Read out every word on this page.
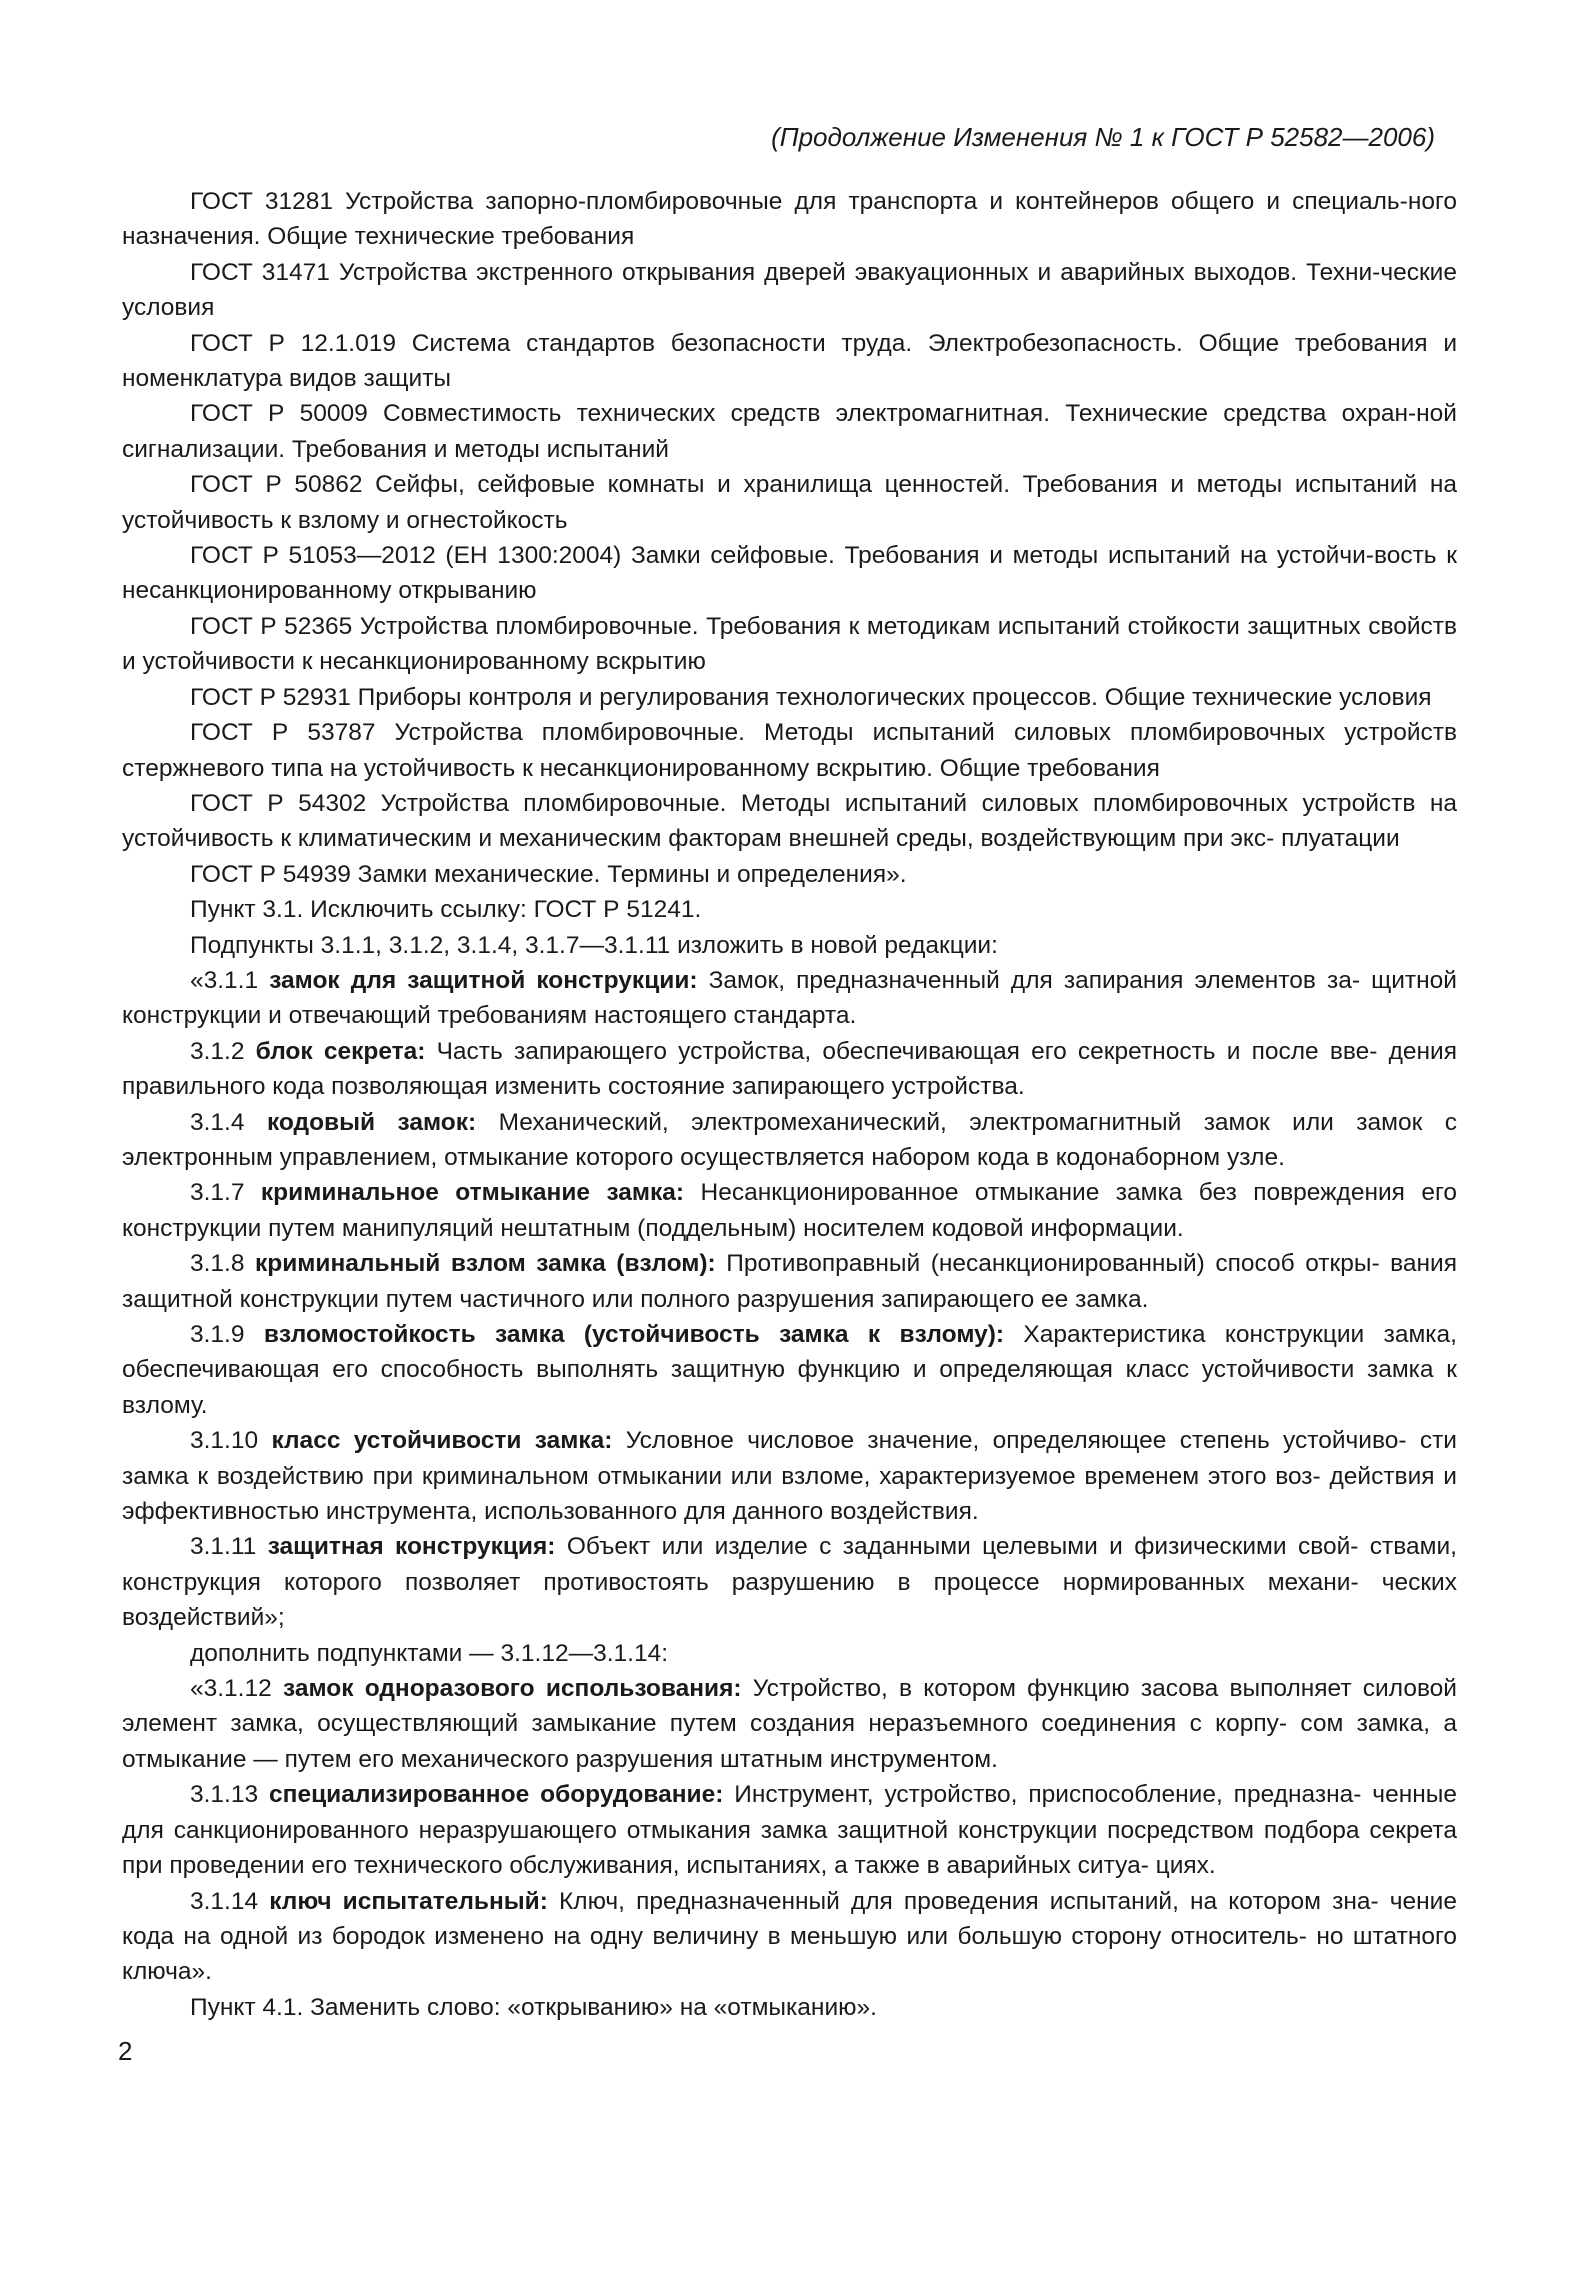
(Продолжение Изменения № 1 к ГОСТ Р 52582—2006)

ГОСТ 31281 Устройства запорно-пломбировочные для транспорта и контейнеров общего и специаль-ного назначения. Общие технические требования

ГОСТ 31471 Устройства экстренного открывания дверей эвакуационных и аварийных выходов. Техни-ческие условия

ГОСТ Р 12.1.019 Система стандартов безопасности труда. Электробезопасность. Общие требования и номенклатура видов защиты

ГОСТ Р 50009 Совместимость технических средств электромагнитная. Технические средства охран-ной сигнализации. Требования и методы испытаний

ГОСТ Р 50862 Сейфы, сейфовые комнаты и хранилища ценностей. Требования и методы испытаний на устойчивость к взлому и огнестойкость

ГОСТ Р 51053—2012 (ЕН 1300:2004) Замки сейфовые. Требования и методы испытаний на устойчи-вость к несанкционированному открыванию

ГОСТ Р 52365 Устройства пломбировочные. Требования к методикам испытаний стойкости защитных свойств и устойчивости к несанкционированному вскрытию

ГОСТ Р 52931 Приборы контроля и регулирования технологических процессов. Общие технические условия

ГОСТ Р 53787 Устройства пломбировочные. Методы испытаний силовых пломбировочных устройств стержневого типа на устойчивость к несанкционированному вскрытию. Общие требования

ГОСТ Р 54302 Устройства пломбировочные. Методы испытаний силовых пломбировочных устройств на устойчивость к климатическим и механическим факторам внешней среды, воздействующим при экс- плуатации

ГОСТ Р 54939 Замки механические. Термины и определения».

Пункт 3.1. Исключить ссылку: ГОСТ Р 51241.

Подпункты 3.1.1, 3.1.2, 3.1.4, 3.1.7—3.1.11 изложить в новой редакции:

«3.1.1 замок для защитной конструкции: Замок, предназначенный для запирания элементов за- щитной конструкции и отвечающий требованиям настоящего стандарта.

3.1.2 блок секрета: Часть запирающего устройства, обеспечивающая его секретность и после вве- дения правильного кода позволяющая изменить состояние запирающего устройства.

3.1.4 кодовый замок: Механический, электромеханический, электромагнитный замок или замок с электронным управлением, отмыкание которого осуществляется набором кода в кодонаборном узле.

3.1.7 криминальное отмыкание замка: Несанкционированное отмыкание замка без повреждения его конструкции путем манипуляций нештатным (поддельным) носителем кодовой информации.

3.1.8 криминальный взлом замка (взлом): Противоправный (несанкционированный) способ откры- вания защитной конструкции путем частичного или полного разрушения запирающего ее замка.

3.1.9 взломостойкость замка (устойчивость замка к взлому): Характеристика конструкции замка, обеспечивающая его способность выполнять защитную функцию и определяющая класс устойчивости замка к взлому.

3.1.10 класс устойчивости замка: Условное числовое значение, определяющее степень устойчиво- сти замка к воздействию при криминальном отмыкании или взломе, характеризуемое временем этого воз- действия и эффективностью инструмента, использованного для данного воздействия.

3.1.11 защитная конструкция: Объект или изделие с заданными целевыми и физическими свой- ствами, конструкция которого позволяет противостоять разрушению в процессе нормированных механи- ческих воздействий»;

дополнить подпунктами — 3.1.12—3.1.14:

«3.1.12 замок одноразового использования: Устройство, в котором функцию засова выполняет силовой элемент замка, осуществляющий замыкание путем создания неразъемного соединения с корпу- сом замка, а отмыкание — путем его механического разрушения штатным инструментом.

3.1.13 специализированное оборудование: Инструмент, устройство, приспособление, предназна- ченные для санкционированного неразрушающего отмыкания замка защитной конструкции посредством подбора секрета при проведении его технического обслуживания, испытаниях, а также в аварийных ситуа- циях.

3.1.14 ключ испытательный: Ключ, предназначенный для проведения испытаний, на котором зна- чение кода на одной из бородок изменено на одну величину в меньшую или большую сторону относитель- но штатного ключа».

Пункт 4.1. Заменить слово: «открыванию» на «отмыканию».

2
